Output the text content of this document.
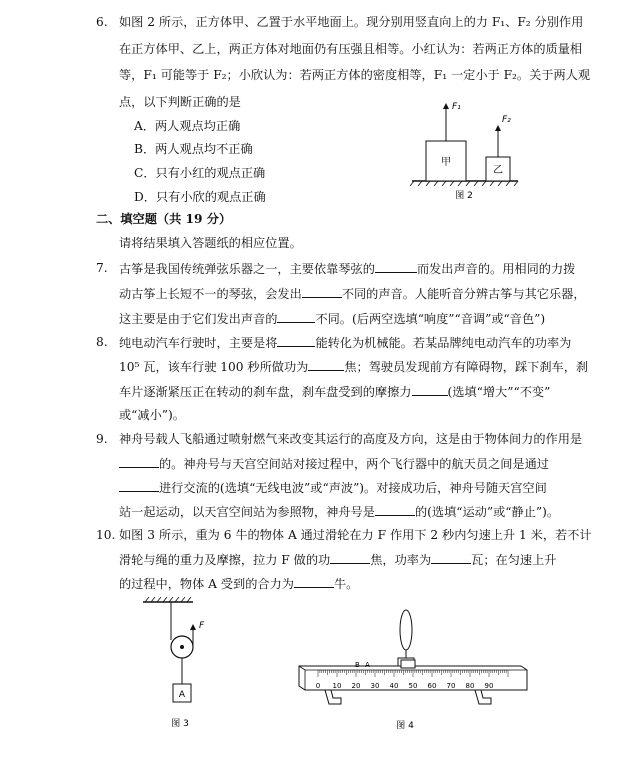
6. 如图 2 所示，正方体甲、乙置于水平地面上。现分别用竖直向上的力 F₁、F₂ 分别作用
在正方体甲、乙上，两正方体对地面仍有压强且相等。小红认为：若两正方体的质量相
等，F₁ 可能等于 F₂；小欣认为：若两正方体的密度相等，F₁ 一定小于 F₂。关于两人观
点，以下判断正确的是
A．两人观点均正确
B．两人观点均不正确
C．只有小红的观点正确
D．只有小欣的观点正确
甲
乙
F₁
F₂
图 2
二、填空题（共 19 分）
请将结果填入答题纸的相应位置。
7. 古筝是我国传统弹弦乐器之一，主要依靠琴弦的	而发出声音的。用相同的力拨
动古筝上长短不一的琴弦，会发出	不同的声音。人能听音分辨古筝与其它乐器，
这主要是由于它们发出声音的	不同。(后两空选填“响度”“音调”或“音色”)
8. 纯电动汽车行驶时，主要是将	能转化为机械能。若某品牌纯电动汽车的功率为
10⁵ 瓦，该车行驶 100 秒所做功为	焦；驾驶员发现前方有障碍物，踩下刹车，刹
车片逐渐紧压正在转动的刹车盘，刹车盘受到的摩擦力	(选填“增大”“不变”
或“减小”)。
9. 神舟号载人飞船通过喷射燃气来改变其运行的高度及方向，这是由于物体间力的作用是
的。神舟号与天宫空间站对接过程中，两个飞行器中的航天员之间是通过
进行交流的(选填“无线电波”或“声波”)。对接成功后，神舟号随天宫空间
站一起运动，以天宫空间站为参照物，神舟号是	的(选填“运动”或“静止”)。
10. 如图 3 所示，重为 6 牛的物体 A 通过滑轮在力 F 作用下 2 秒内匀速上升 1 米，若不计
滑轮与绳的重力及摩擦，拉力 F 做的功	焦，功率为	瓦；在匀速上升
的过程中，物体 A 受到的合力为	牛。
F
A
图 3
0 10 20 30 40 50 60 70 80 90
B A
图 4
